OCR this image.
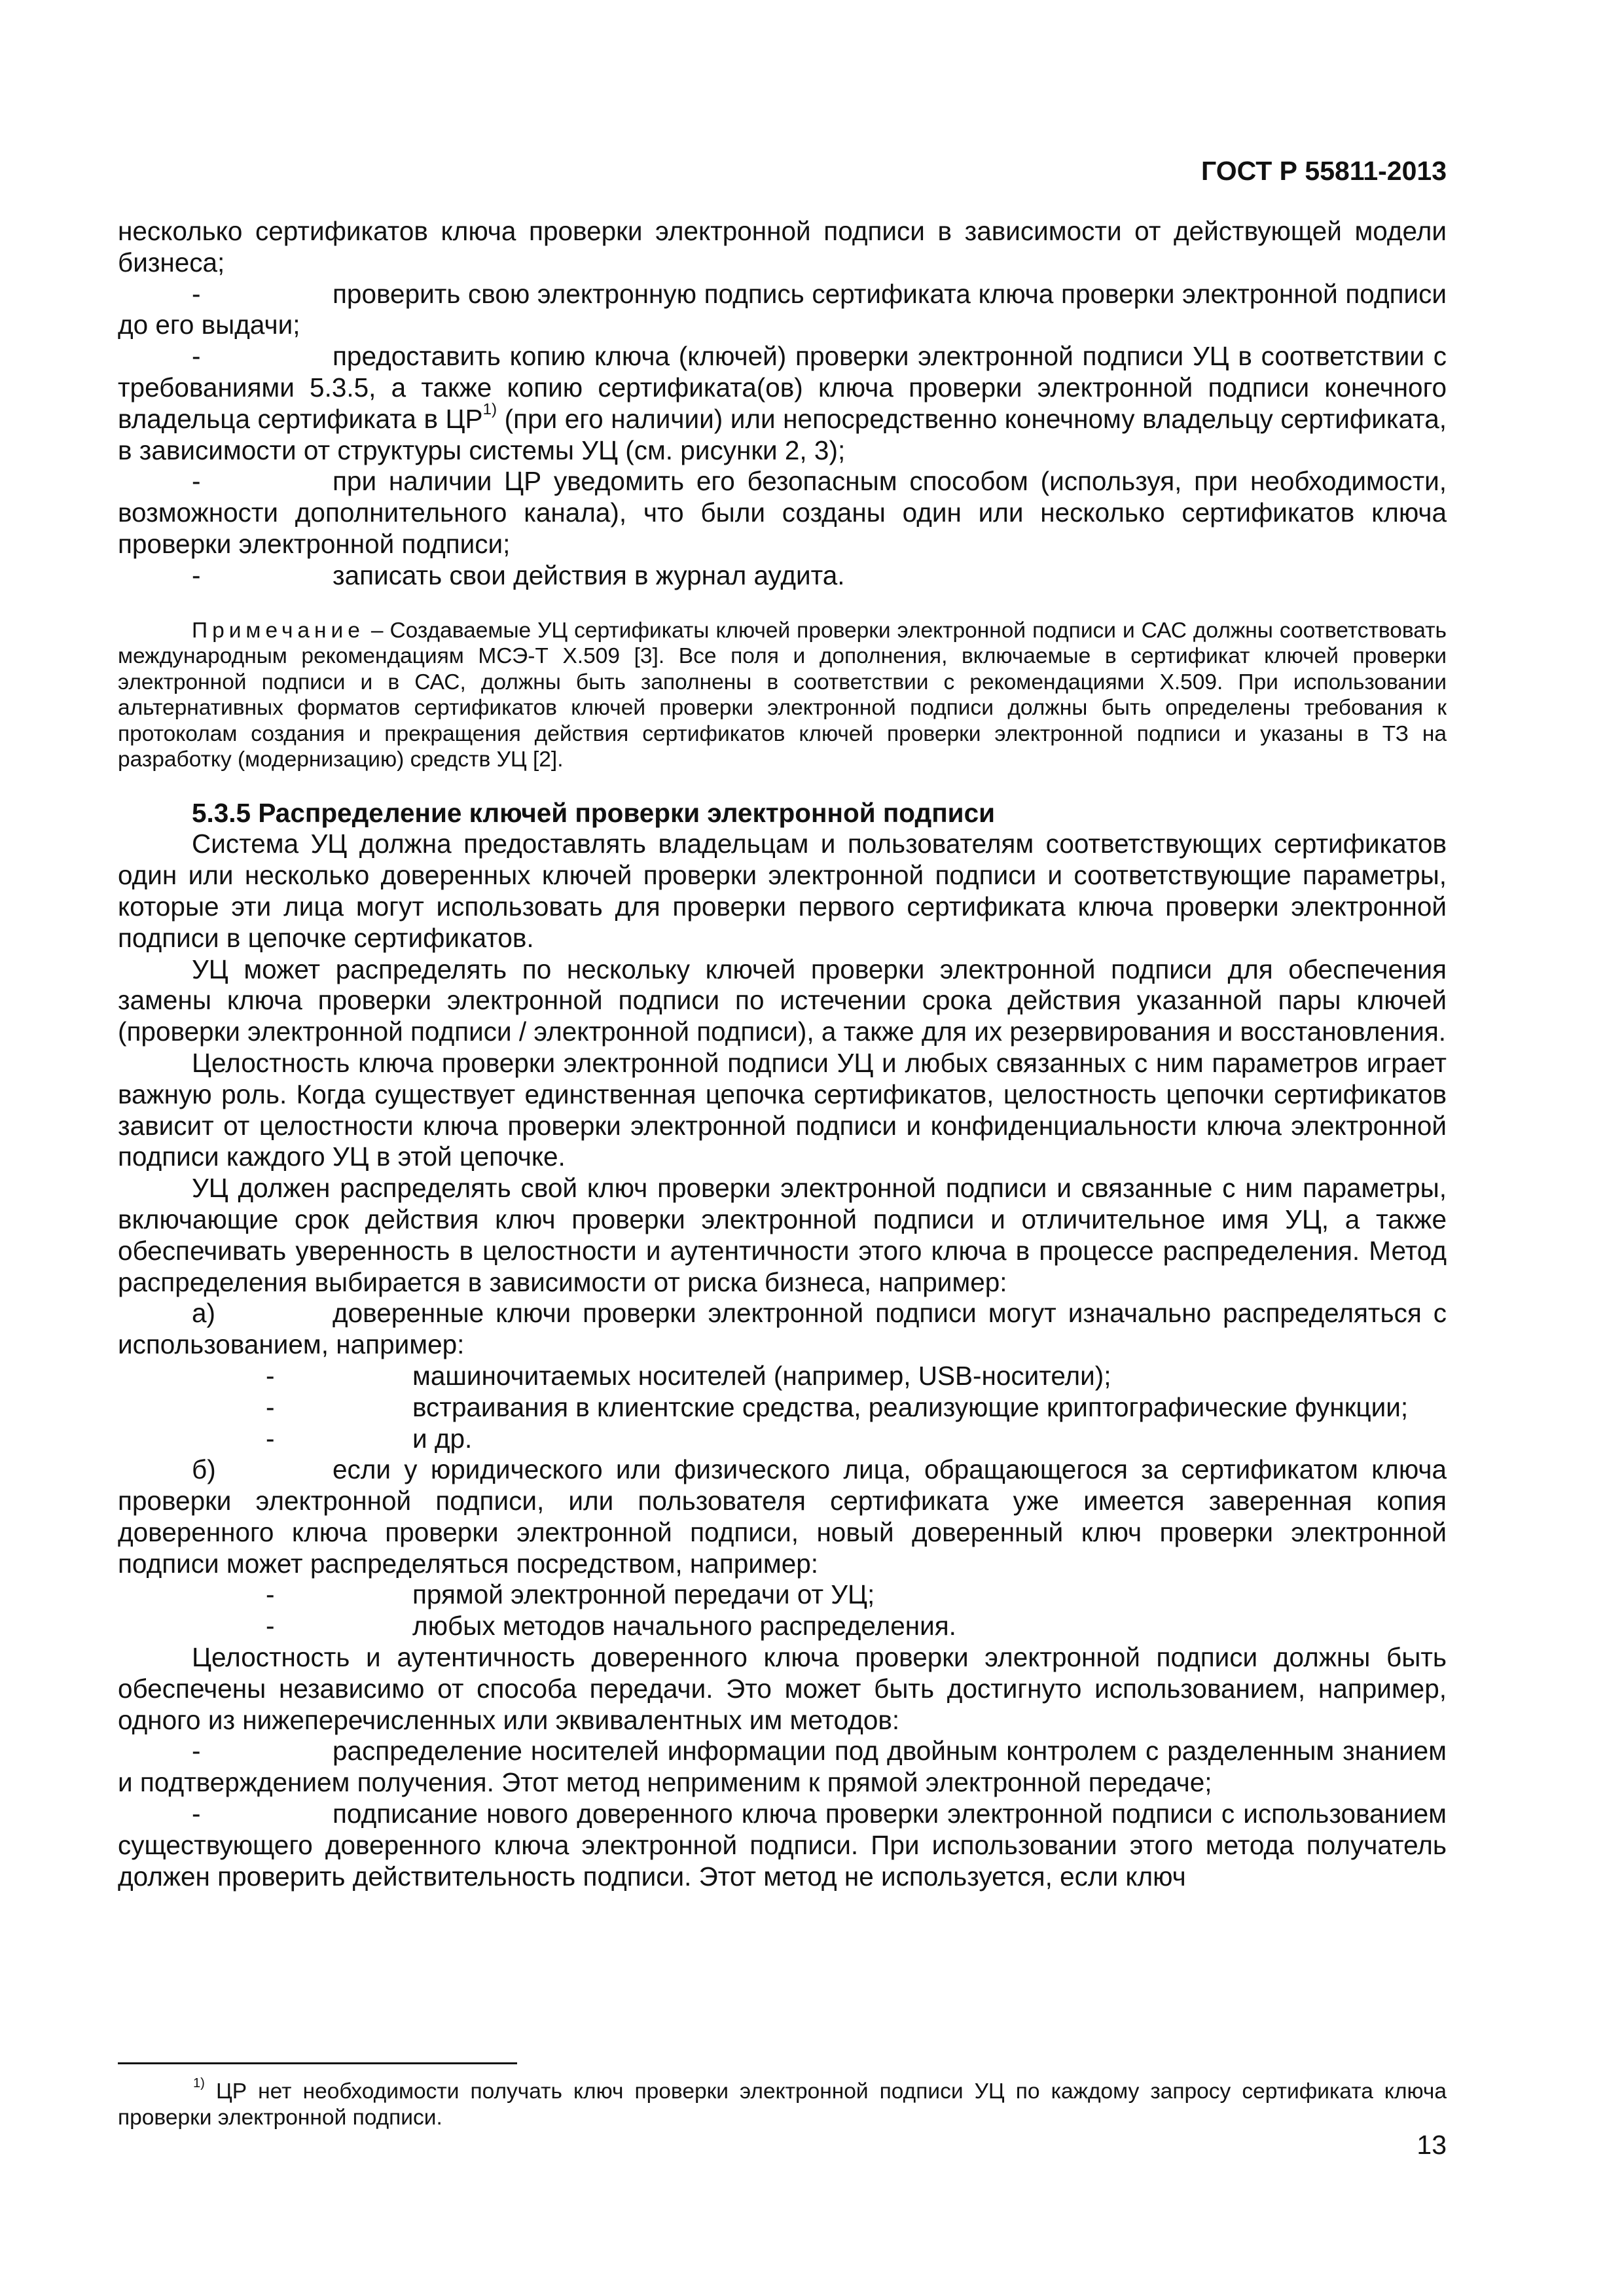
ГОСТ Р 55811-2013

несколько сертификатов ключа проверки электронной подписи в зависимости от действующей модели бизнеса;

-	проверить свою электронную подпись сертификата ключа проверки электронной подписи до его выдачи;

-	предоставить копию ключа (ключей) проверки электронной подписи УЦ в соответствии с требованиями 5.3.5, а также копию сертификата(ов) ключа проверки электронной подписи конечного владельца сертификата в ЦР$^{1)}$ (при его наличии) или непосредственно конечному владельцу сертификата, в зависимости от структуры системы УЦ (см. рисунки 2, 3);

-	при наличии ЦР уведомить его безопасным способом (используя, при необходимости, возможности дополнительного канала), что были созданы один или несколько сертификатов ключа проверки электронной подписи;

-	записать свои действия в журнал аудита.

Примечание – Создаваемые УЦ сертификаты ключей проверки электронной подписи и САС должны соответствовать международным рекомендациям МСЭ-Т Х.509 [3]. Все поля и дополнения, включаемые в сертификат ключей проверки электронной подписи и в САС, должны быть заполнены в соответствии с рекомендациями Х.509. При использовании альтернативных форматов сертификатов ключей проверки электронной подписи должны быть определены требования к протоколам создания и прекращения действия сертификатов ключей проверки электронной подписи и указаны в ТЗ на разработку (модернизацию) средств УЦ [2].

5.3.5 Распределение ключей проверки электронной подписи

Система УЦ должна предоставлять владельцам и пользователям соответствующих сертификатов один или несколько доверенных ключей проверки электронной подписи и соответствующие параметры, которые эти лица могут использовать для проверки первого сертификата ключа проверки электронной подписи в цепочке сертификатов.

УЦ может распределять по нескольку ключей проверки электронной подписи для обеспечения замены ключа проверки электронной подписи по истечении срока действия указанной пары ключей (проверки электронной подписи / электронной подписи), а также для их резервирования и восстановления.

Целостность ключа проверки электронной подписи УЦ и любых связанных с ним параметров играет важную роль. Когда существует единственная цепочка сертификатов, целостность цепочки сертификатов зависит от целостности ключа проверки электронной подписи и конфиденциальности ключа электронной подписи каждого УЦ в этой цепочке.

УЦ должен распределять свой ключ проверки электронной подписи и связанные с ним параметры, включающие срок действия ключ проверки электронной подписи и отличительное имя УЦ, а также обеспечивать уверенность в целостности и аутентичности этого ключа в процессе распределения. Метод распределения выбирается в зависимости от риска бизнеса, например:

а)	доверенные ключи проверки электронной подписи могут изначально распределяться с использованием, например:

-	машиночитаемых носителей (например, USB-носители);

-	встраивания в клиентские средства, реализующие криптографические функции;

-	и др.

б)	если у юридического или физического лица, обращающегося за сертификатом ключа проверки электронной подписи, или пользователя сертификата уже имеется заверенная копия доверенного ключа проверки электронной подписи, новый доверенный ключ проверки электронной подписи может распределяться посредством, например:

-	прямой электронной передачи от УЦ;

-	любых методов начального распределения.

Целостность и аутентичность доверенного ключа проверки электронной подписи должны быть обеспечены независимо от способа передачи. Это может быть достигнуто использованием, например, одного из нижеперечисленных или эквивалентных им методов:

-	распределение носителей информации под двойным контролем с разделенным знанием и подтверждением получения. Этот метод неприменим к прямой электронной передаче;

-	подписание нового доверенного ключа проверки электронной подписи с использованием существующего доверенного ключа электронной подписи. При использовании этого метода получатель должен проверить действительность подписи. Этот метод не используется, если ключ

$^{1)}$ ЦР нет необходимости получать ключ проверки электронной подписи УЦ по каждому запросу сертификата ключа проверки электронной подписи.
13
